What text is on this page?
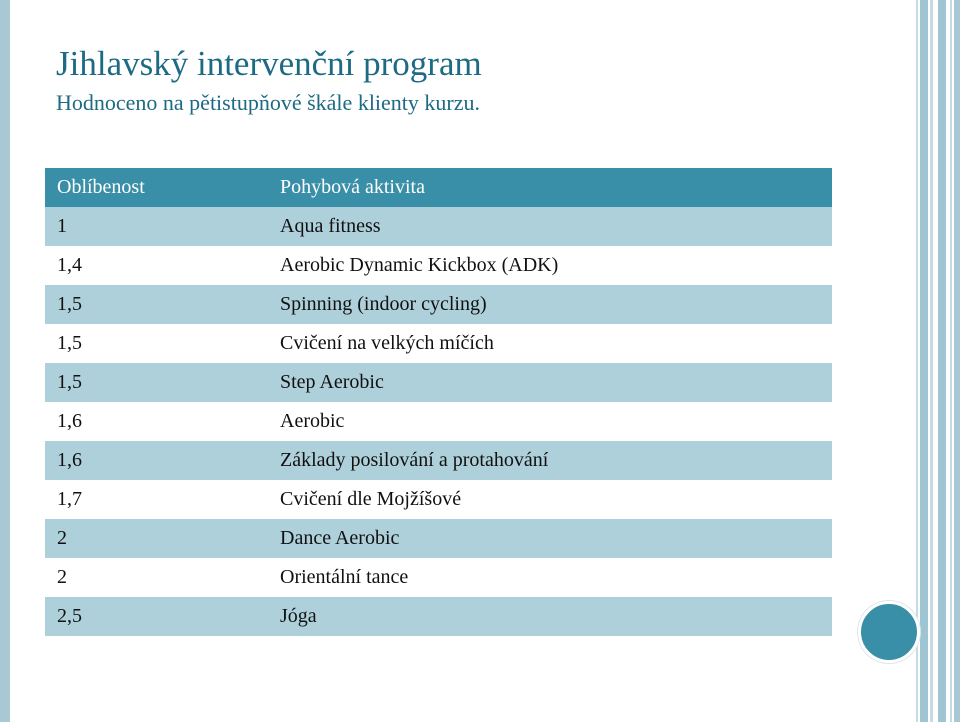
Jihlavský intervenční program

Hodnoceno na pětistupňové škále klienty kurzu.

Oblíbenost	Pohybová aktivita
1	Aqua fitness
1,4	Aerobic Dynamic Kickbox (ADK)
1,5	Spinning (indoor cycling)
1,5	Cvičení na velkých míčích
1,5	Step Aerobic
1,6	Aerobic
1,6	Základy posilování a protahování
1,7	Cvičení dle Mojžíšové
2	Dance Aerobic
2	Orientální tance
2,5	Jóga
